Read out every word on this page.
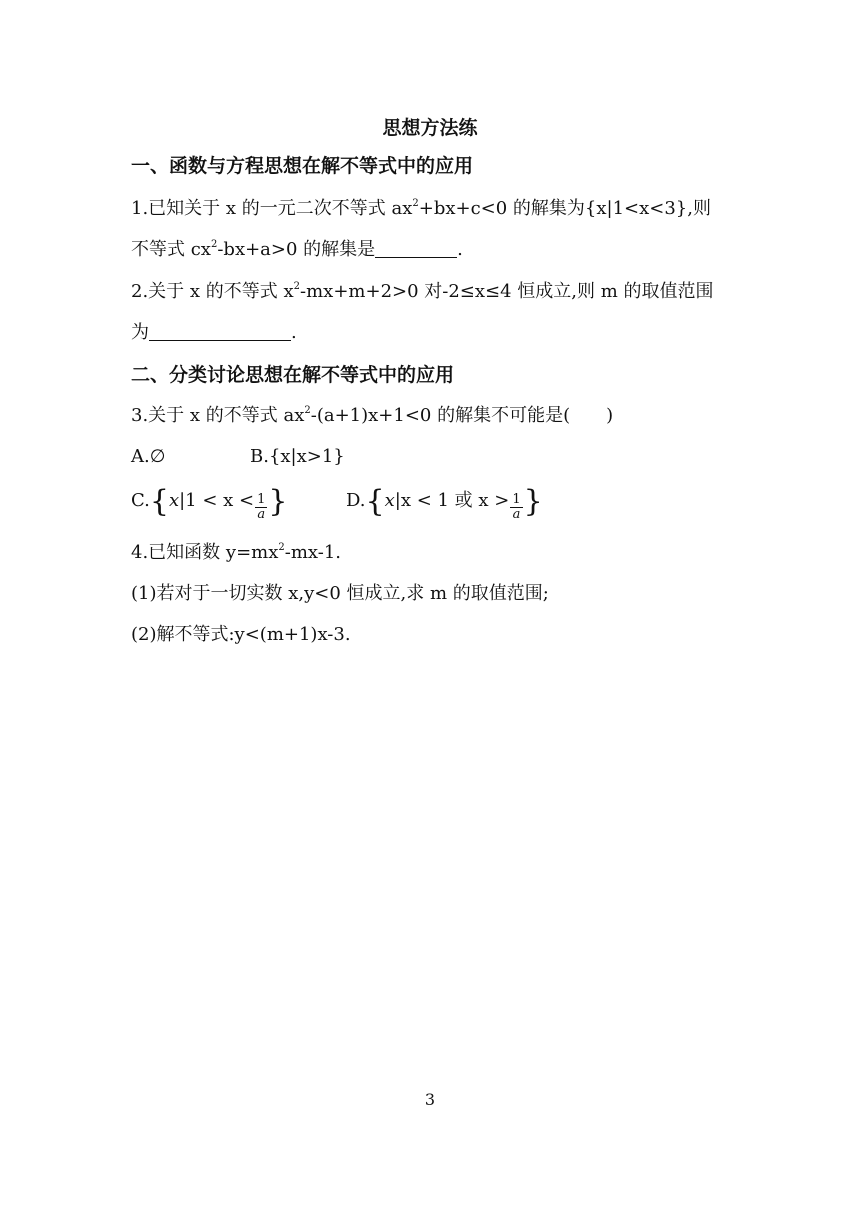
思想方法练
一、函数与方程思想在解不等式中的应用
1.已知关于 x 的一元二次不等式 $ax^2+bx+c<0$ 的解集为{x|1<x<3},则
不等式 $cx^2-bx+a>0$ 的解集是	.
2.关于 x 的不等式 $x^2-mx+m+2>0$ 对-2≤x≤4 恒成立,则 m 的取值范围
为	.
二、分类讨论思想在解不等式中的应用
3.关于 x 的不等式 $ax^2-(a+1)x+1<0$ 的解集不可能是(　　)
A.∅	B.{x|x>1}
$C.\{x|1 < x < \frac{1}{a}$ }	D.{x|x < 1 或 $x > \frac{1}{a}$ }
4.已知函数 $y=mx^2-mx-1$.
(1)若对于一切实数 x,y<0 恒成立,求 m 的取值范围;
(2)解不等式:y<(m+1)x-3.
3
